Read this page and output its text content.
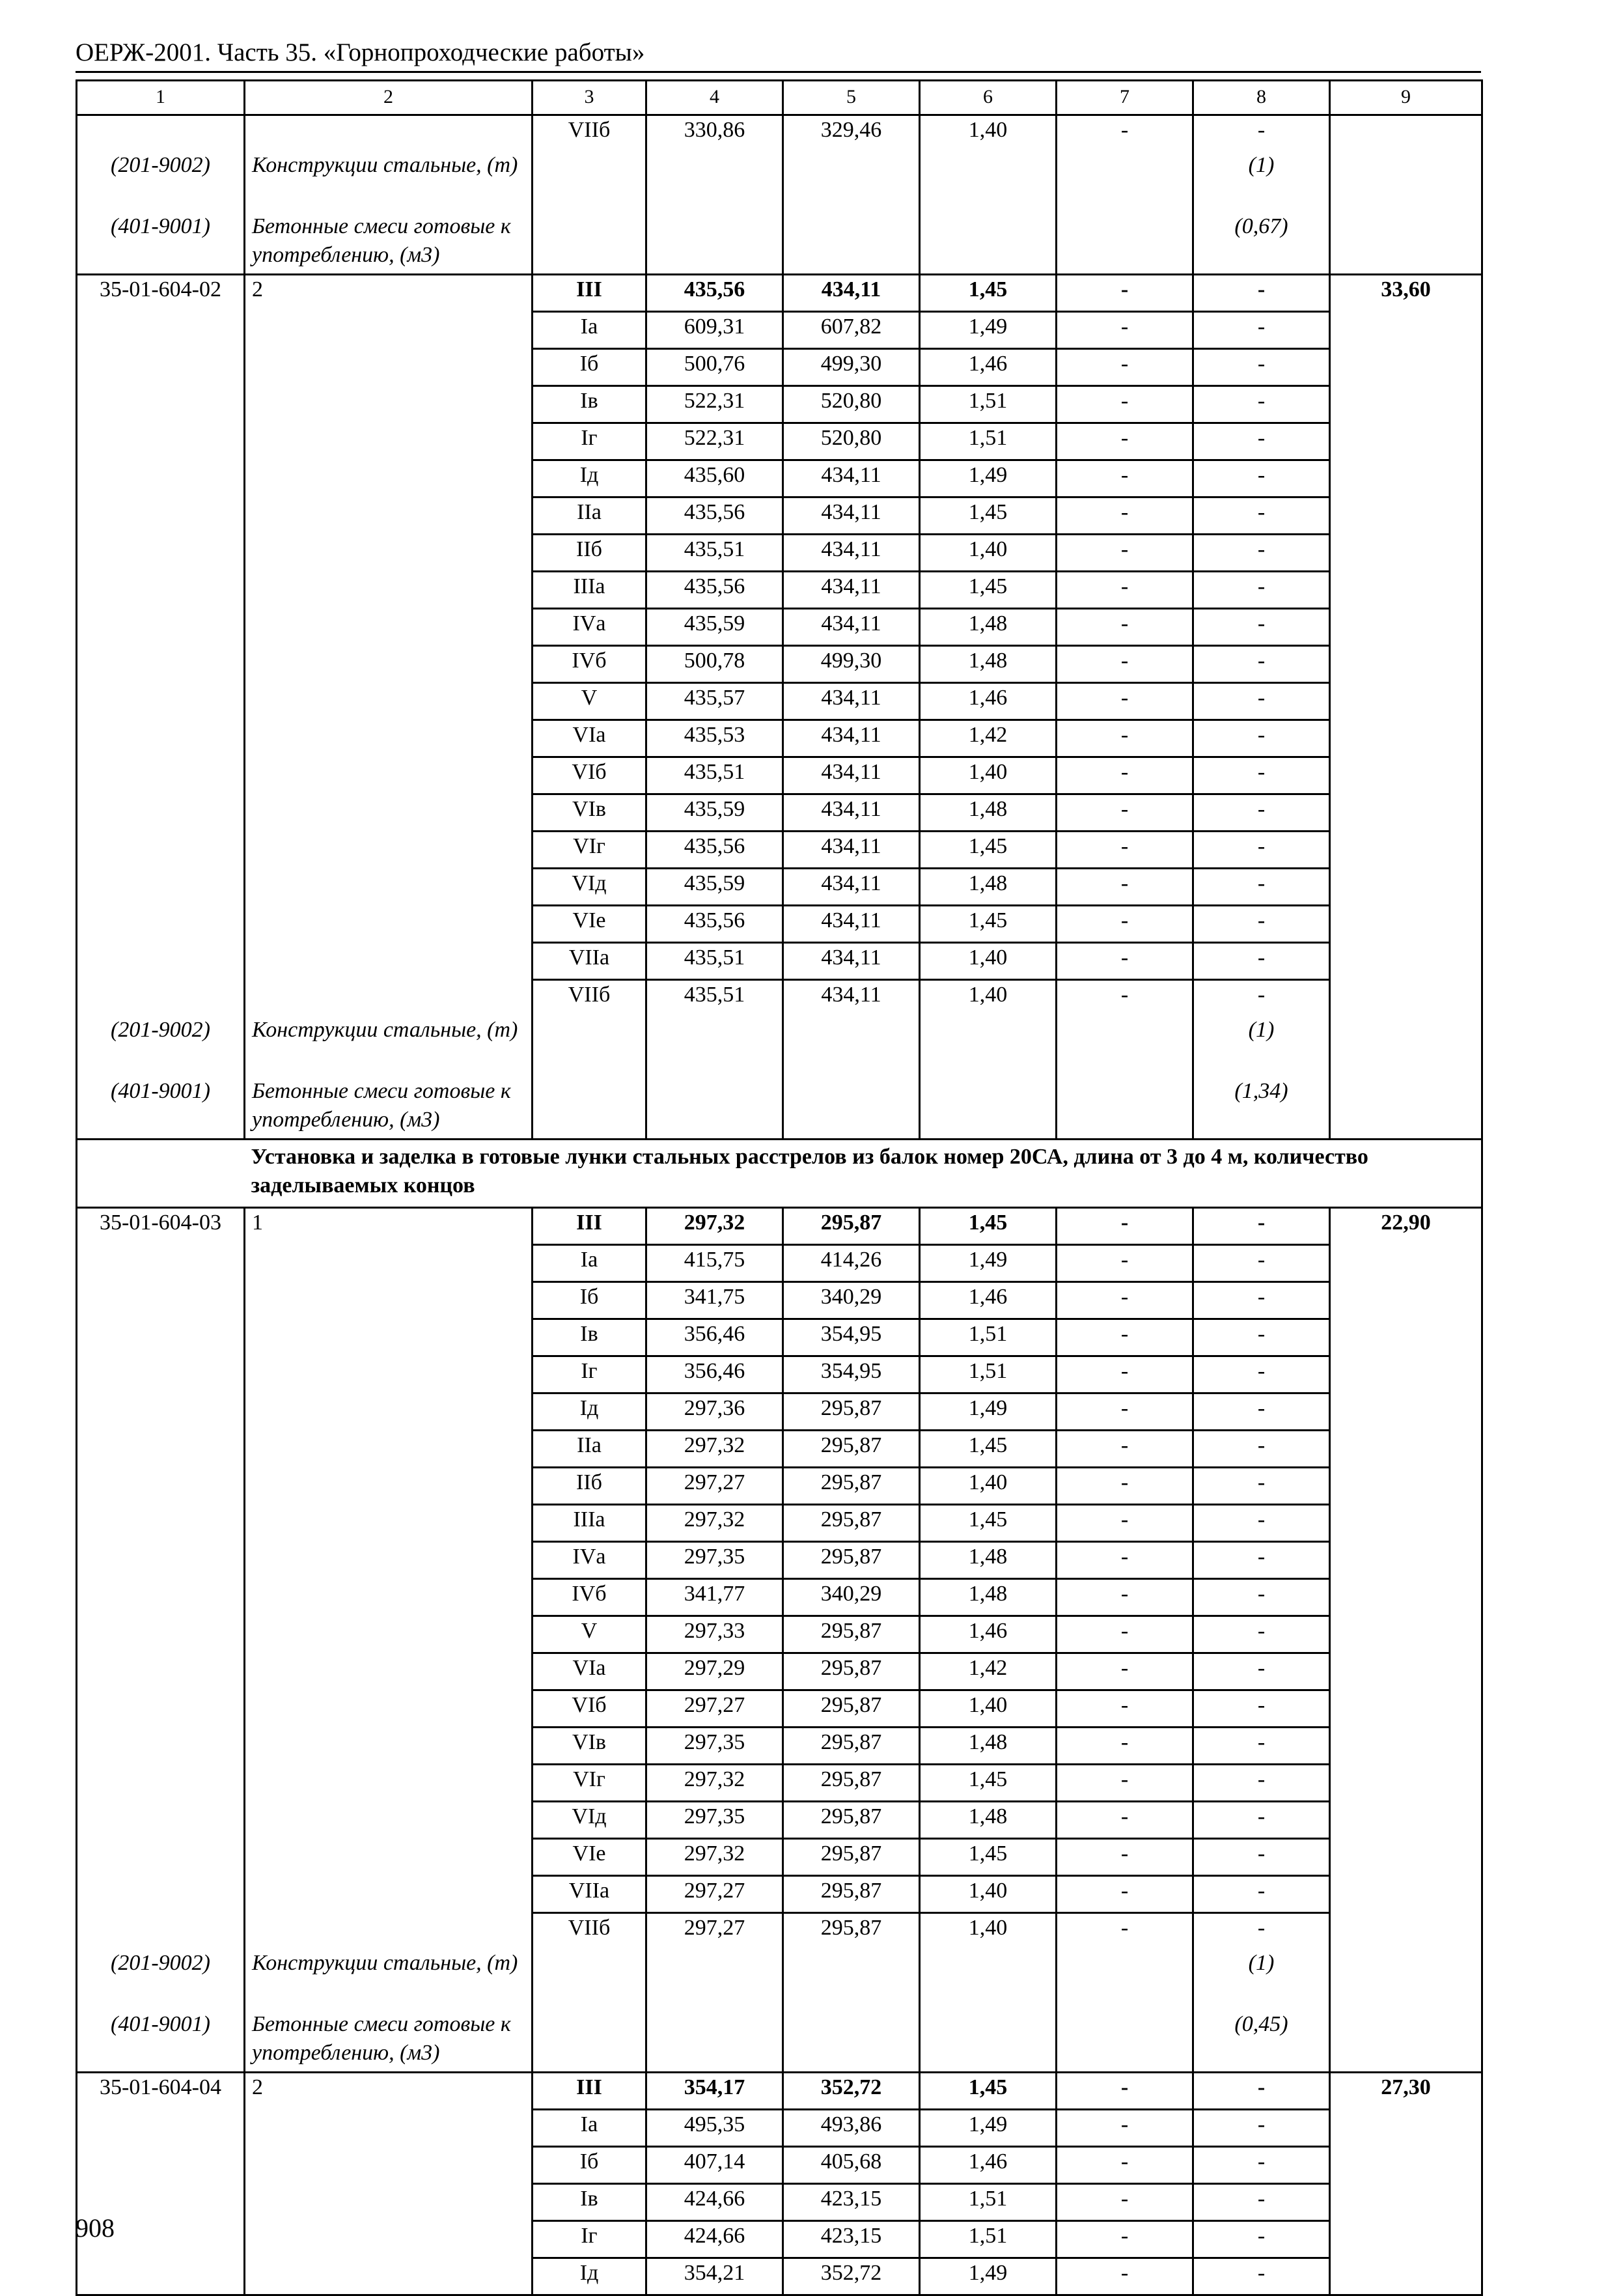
ОЕРЖ-2001. Часть 35. «Горнопроходческие работы»
1	2	3	4	5	6	7	8	9
		VIIб	330,86	329,46	1,40	-	-	
(201-9002)	Конструкции стальные, (т)						(1)	
(401-9001)	Бетонные смеси готовые к употреблению, (м3)						(0,67)	
35-01-604-02	2	III	435,56	434,11	1,45	-	-	33,60
		Iа	609,31	607,82	1,49	-	-	
		Iб	500,76	499,30	1,46	-	-	
		Iв	522,31	520,80	1,51	-	-	
		Iг	522,31	520,80	1,51	-	-	
		Iд	435,60	434,11	1,49	-	-	
		IIа	435,56	434,11	1,45	-	-	
		IIб	435,51	434,11	1,40	-	-	
		IIIа	435,56	434,11	1,45	-	-	
		IVа	435,59	434,11	1,48	-	-	
		IVб	500,78	499,30	1,48	-	-	
		V	435,57	434,11	1,46	-	-	
		VIа	435,53	434,11	1,42	-	-	
		VIб	435,51	434,11	1,40	-	-	
		VIв	435,59	434,11	1,48	-	-	
		VIг	435,56	434,11	1,45	-	-	
		VIд	435,59	434,11	1,48	-	-	
		VIе	435,56	434,11	1,45	-	-	
		VIIа	435,51	434,11	1,40	-	-	
		VIIб	435,51	434,11	1,40	-	-	
(201-9002)	Конструкции стальные, (т)						(1)	
(401-9001)	Бетонные смеси готовые к употреблению, (м3)						(1,34)	
	Установка и заделка в готовые лунки стальных расстрелов из балок номер 20СА, длина от 3 до 4 м, количество заделываемых концов							
35-01-604-03	1	III	297,32	295,87	1,45	-	-	22,90
		Iа	415,75	414,26	1,49	-	-	
		Iб	341,75	340,29	1,46	-	-	
		Iв	356,46	354,95	1,51	-	-	
		Iг	356,46	354,95	1,51	-	-	
		Iд	297,36	295,87	1,49	-	-	
		IIа	297,32	295,87	1,45	-	-	
		IIб	297,27	295,87	1,40	-	-	
		IIIа	297,32	295,87	1,45	-	-	
		IVа	297,35	295,87	1,48	-	-	
		IVб	341,77	340,29	1,48	-	-	
		V	297,33	295,87	1,46	-	-	
		VIа	297,29	295,87	1,42	-	-	
		VIб	297,27	295,87	1,40	-	-	
		VIв	297,35	295,87	1,48	-	-	
		VIг	297,32	295,87	1,45	-	-	
		VIд	297,35	295,87	1,48	-	-	
		VIе	297,32	295,87	1,45	-	-	
		VIIа	297,27	295,87	1,40	-	-	
		VIIб	297,27	295,87	1,40	-	-	
(201-9002)	Конструкции стальные, (т)						(1)	
(401-9001)	Бетонные смеси готовые к употреблению, (м3)						(0,45)	
35-01-604-04	2	III	354,17	352,72	1,45	-	-	27,30
		Iа	495,35	493,86	1,49	-	-	
		Iб	407,14	405,68	1,46	-	-	
		Iв	424,66	423,15	1,51	-	-	
		Iг	424,66	423,15	1,51	-	-	
		Iд	354,21	352,72	1,49	-	-	
908
